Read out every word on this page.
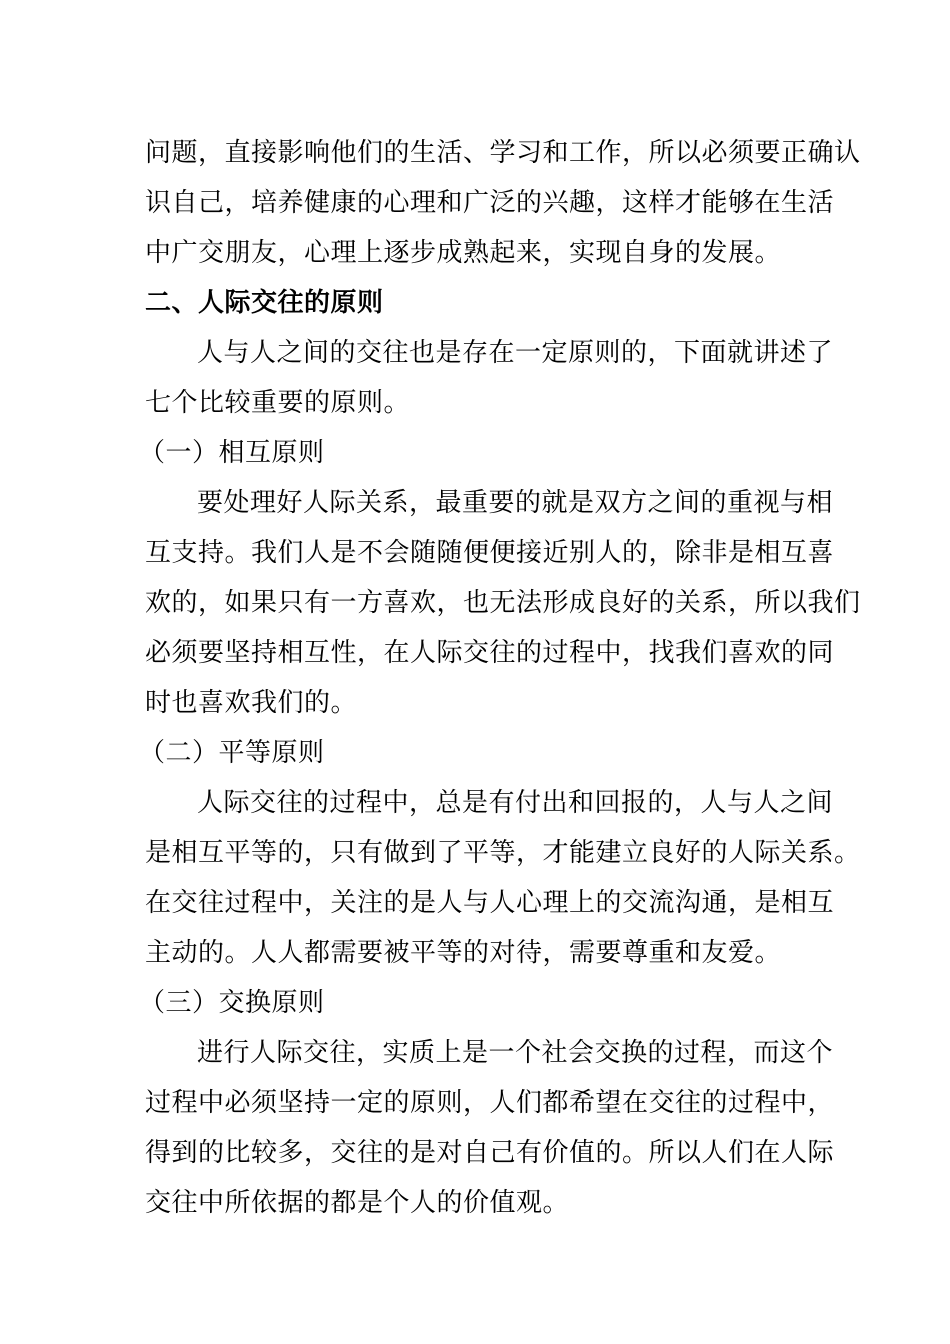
问题，直接影响他们的生活、学习和工作，所以必须要正确认
识自己，培养健康的心理和广泛的兴趣，这样才能够在生活
中广交朋友，心理上逐步成熟起来，实现自身的发展。
二、人际交往的原则
人与人之间的交往也是存在一定原则的，下面就讲述了
七个比较重要的原则。
（一）相互原则
要处理好人际关系，最重要的就是双方之间的重视与相
互支持。我们人是不会随随便便接近别人的，除非是相互喜
欢的，如果只有一方喜欢，也无法形成良好的关系，所以我们
必须要坚持相互性，在人际交往的过程中，找我们喜欢的同
时也喜欢我们的。
（二）平等原则
人际交往的过程中，总是有付出和回报的，人与人之间
是相互平等的，只有做到了平等，才能建立良好的人际关系。
在交往过程中，关注的是人与人心理上的交流沟通，是相互
主动的。人人都需要被平等的对待，需要尊重和友爱。
（三）交换原则
进行人际交往，实质上是一个社会交换的过程，而这个
过程中必须坚持一定的原则，人们都希望在交往的过程中，
得到的比较多，交往的是对自己有价值的。所以人们在人际
交往中所依据的都是个人的价值观。
